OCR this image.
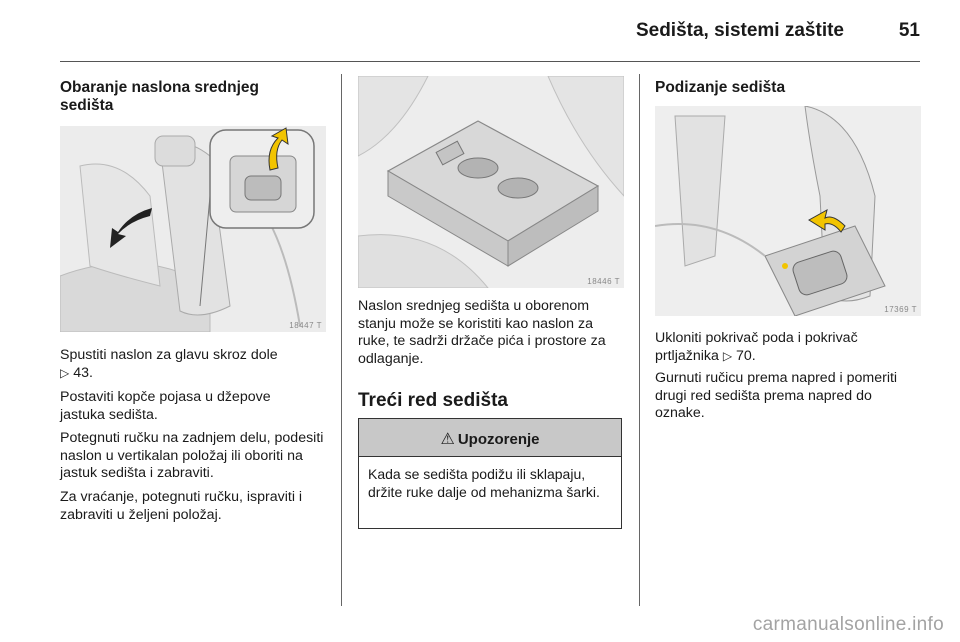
Sedišta, sistemi zaštite	51
Obaranje naslona srednjeg sedišta
18447 T

Spustiti naslon za glavu skroz dole
▷ 43.

Postaviti kopče pojasa u džepove jastuka sedišta.

Potegnuti ručku na zadnjem delu, podesiti naslon u vertikalan položaj ili oboriti na jastuk sedišta i zabraviti.

Za vraćanje, potegnuti ručku, ispraviti i zabraviti u željeni položaj.

18446 T

Naslon srednjeg sedišta u oborenom stanju može se koristiti kao naslon za ruke, te sadrži držače pića i prostore za odlaganje.

Treći red sedišta
⚠ Upozorenje
Kada se sedišta podižu ili sklapaju, držite ruke dalje od mehanizma šarki.
Podizanje sedišta
17369 T

Ukloniti pokrivač poda i pokrivač prtljažnika ▷ 70.

Gurnuti ručicu prema napred i pomeriti drugi red sedišta prema napred do oznake.

carmanualsonline.info
